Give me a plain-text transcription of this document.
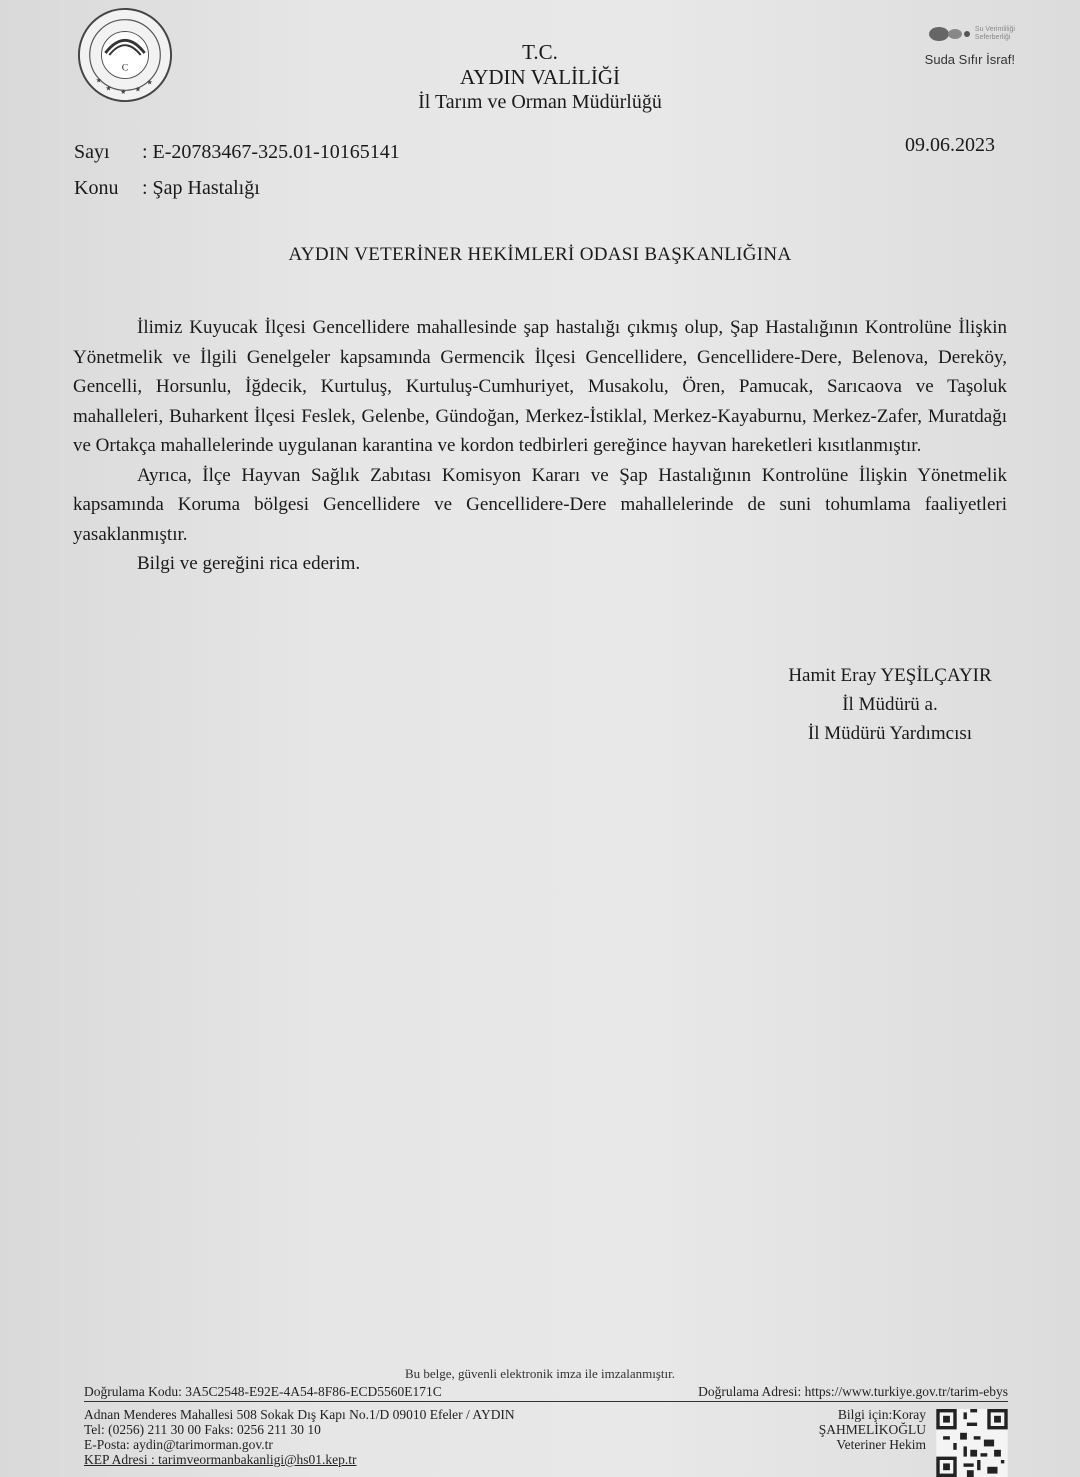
C
★
★
★ ★
★
T.C.
AYDIN VALİLİĞİ
İl Tarım ve Orman Müdürlüğü
Su Verimliliği
Seferberliği
Suda Sıfır İsraf!
Sayı : E-20783467-325.01-10165141
Konu : Şap Hastalığı
09.06.2023
AYDIN VETERİNER HEKİMLERİ ODASI BAŞKANLIĞINA

İlimiz Kuyucak İlçesi Gencellidere mahallesinde şap hastalığı çıkmış olup, Şap Hastalığının Kontrolüne İlişkin Yönetmelik ve İlgili Genelgeler kapsamında Germencik İlçesi Gencellidere, Gencellidere-Dere, Belenova, Dereköy, Gencelli, Horsunlu, İğdecik, Kurtuluş, Kurtuluş-Cumhuriyet, Musakolu, Ören, Pamucak, Sarıcaova ve Taşoluk mahalleleri, Buharkent İlçesi Feslek, Gelenbe, Gündoğan, Merkez-İstiklal, Merkez-Kayaburnu, Merkez-Zafer, Muratdağı ve Ortakça mahallelerinde uygulanan karantina ve kordon tedbirleri gereğince hayvan hareketleri kısıtlanmıştır.

Ayrıca, İlçe Hayvan Sağlık Zabıtası Komisyon Kararı ve Şap Hastalığının Kontrolüne İlişkin Yönetmelik kapsamında Koruma bölgesi Gencellidere ve Gencellidere-Dere mahallelerinde de suni tohumlama faaliyetleri yasaklanmıştır.

Bilgi ve gereğini rica ederim.

Hamit Eray YEŞİLÇAYIR
İl Müdürü a.
İl Müdürü Yardımcısı
Bu belge, güvenli elektronik imza ile imzalanmıştır.
Doğrulama Kodu: 3A5C2548-E92E-4A54-8F86-ECD5560E171C	Doğrulama Adresi: https://www.turkiye.gov.tr/tarim-ebys
Adnan Menderes Mahallesi 508 Sokak Dış Kapı No.1/D 09010 Efeler / AYDIN
Tel: (0256) 211 30 00 Faks: 0256 211 30 10
E-Posta: aydin@tarimorman.gov.tr
KEP Adresi : tarimveormanbakanligi@hs01.kep.tr
Bilgi için:Koray
ŞAHMELİKOĞLU
Veteriner Hekim
